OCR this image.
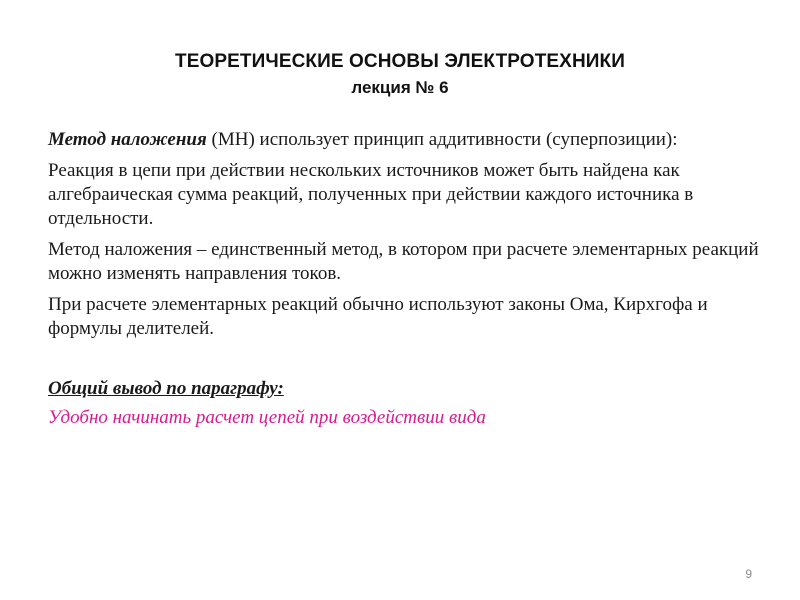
ТЕОРЕТИЧЕСКИЕ ОСНОВЫ ЭЛЕКТРОТЕХНИКИ
лекция № 6

Метод наложения (МН) использует принцип аддитивности (суперпозиции):

Реакция в цепи при действии нескольких источников может быть найдена как алгебраическая сумма реакций, полученных при действии каждого источника в отдельности.

Метод наложения – единственный метод, в котором при расчете элементарных реакций можно изменять направления токов.

При расчете элементарных реакций обычно используют законы Ома, Кирхгофа и формулы делителей.

Общий вывод по параграфу:
Удобно начинать расчет цепей при воздействии вида
9
